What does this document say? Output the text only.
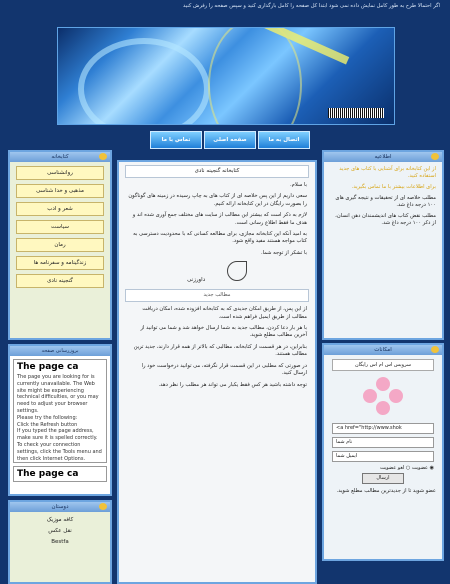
اگر احتمالا طرح به طور کامل نمایش داده نمی شود ابتدا کل صفحه را کامل بارگذاری کنید و سپس صفحه را رفرش کنید
تماس با ما	صفحه اصلی	اتصال به ما
کتابخانه
روانشناسی
مذهبی و خدا شناسی
شعر و ادب
سیاست
رمان
زندگینامه و سفرنامه ها
گنجینه نادی
بروزرسانی صفحه
The page ca
The page you are looking for is currently unavailable. The Web site might be experiencing technical difficulties, or you may need to adjust your browser settings.
Please try the following:
Click the Refresh button
If you typed the page address, make sure it is spelled correctly.
To check your connection settings, click the Tools menu and then click Internet Options.
The page ca
دوستان
کافه موزیک
نقل عکس
Bestfa
کتابخانه گنجینه نادی
با سلام.
سعی داریم از این پس خلاصه ای از کتاب های به چاپ رسیده در زمینه های گوناگون را بصورت رایگان در این کتابخانه ارائه کنیم.
لازم به ذکر است که بیشتر این مطالب از سایت های مختلف جمع آوری شده اند و هدف ما فقط اطلاع رسانی است.
به امید آنکه این کتابخانه مجازی، برای مطالعه کسانی که با محدودیت دسترسی به کتاب مواجه هستند مفید واقع شود.
با تشکر از توجه شما.
داورزنی
مطالب جدید
از این پس، از طریق امکان جدیدی که به کتابخانه افزوده شده، امکان دریافت مطالب از طریق ایمیل فراهم شده است.
با هر بار دعا کردن، مطالب جدید به شما ارسال خواهد شد و شما می توانید از آخرین مطالب مطلع شوید.
بنابراین، در هر قسمت از کتابخانه، مطالبی که بالاتر از همه قرار دارند، جدید ترین مطالب هستند.
در صورتی که مطلبی در این قسمت قرار نگرفته، می توانید درخواست خود را ارسال کنید.
توجه داشته باشید هر کس فقط یکبار می تواند هر مطلب را نظر دهد.
اطلاعیه
از این کتابخانه برای آشنایی با کتاب های جدید استفاده کنید.
برای اطلاعات بیشتر با ما تماس بگیرید.
مطلب خلاصه ای از تحقیقات و نتیجه گیری های ۱۰۰ درجه داغ شد.
مطلب نقض کتاب های اندیشمندان دهن انسان، از ذکر ۱۰۰ درجه داغ شد.
امکانات
سرویس اس ام اس رایگان
<a href="http://www.shok
نام شما
ایمیل شما
◉ عضویت ○ لغو عضویت
ارسال
عضو شوید تا از جدیدترین مطالب مطلع شوید.
